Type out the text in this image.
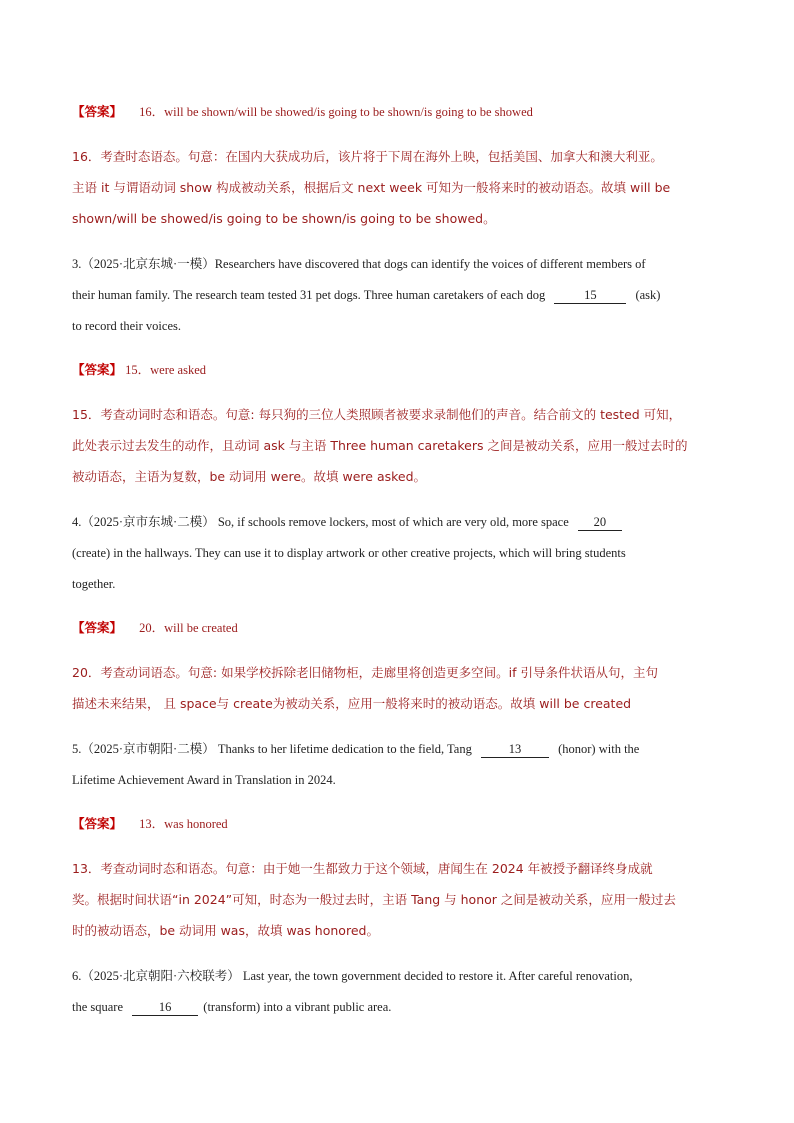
【答案】 16．will be shown/will be showed/is going to be shown/is going to be showed
16．考查时态语态。句意：在国内大获成功后，该片将于下周在海外上映，包括美国、加拿大和澳大利亚。
主语 it 与谓语动词 show 构成被动关系，根据后文 next week 可知为一般将来时的被动语态。故填 will be
shown/will be showed/is going to be shown/is going to be showed。
3.（2025·北京东城·一模）Researchers have discovered that dogs can identify the voices of different members of
their human family. The research team tested 31 pet dogs. Three human caretakers of each dog	15	(ask)
to record their voices.
【答案】 15．were asked
15．考查动词时态和语态。句意: 每只狗的三位人类照顾者被要求录制他们的声音。结合前文的 tested 可知，
此处表示过去发生的动作，且动词 ask 与主语 Three human caretakers 之间是被动关系，应用一般过去时的
被动语态，主语为复数，be 动词用 were。故填 were asked。
4.（2025·京市东城·二模） So, if schools remove lockers, most of which are very old, more space 20
(create) in the hallways. They can use it to display artwork or other creative projects, which will bring students
together.
【答案】 20．will be created
20．考查动词语态。句意: 如果学校拆除老旧储物柜，走廊里将创造更多空间。if 引导条件状语从句，主句
描述未来结果， 且 space与 create为被动关系，应用一般将来时的被动语态。故填 will be created
5.（2025·京市朝阳·二模） Thanks to her lifetime dedication to the field, Tang	13	(honor) with the
Lifetime Achievement Award in Translation in 2024.
【答案】 13．was honored
13．考查动词时态和语态。句意：由于她一生都致力于这个领域，唐闻生在 2024 年被授予翻译终身成就
奖。根据时间状语“in 2024”可知，时态为一般过去时，主语 Tang 与 honor 之间是被动关系，应用一般过去
时的被动语态，be 动词用 was，故填 was honored。
6.（2025·北京朝阳·六校联考） Last year, the town government decided to restore it. After careful renovation,
the square	16	(transform) into a vibrant public area.
